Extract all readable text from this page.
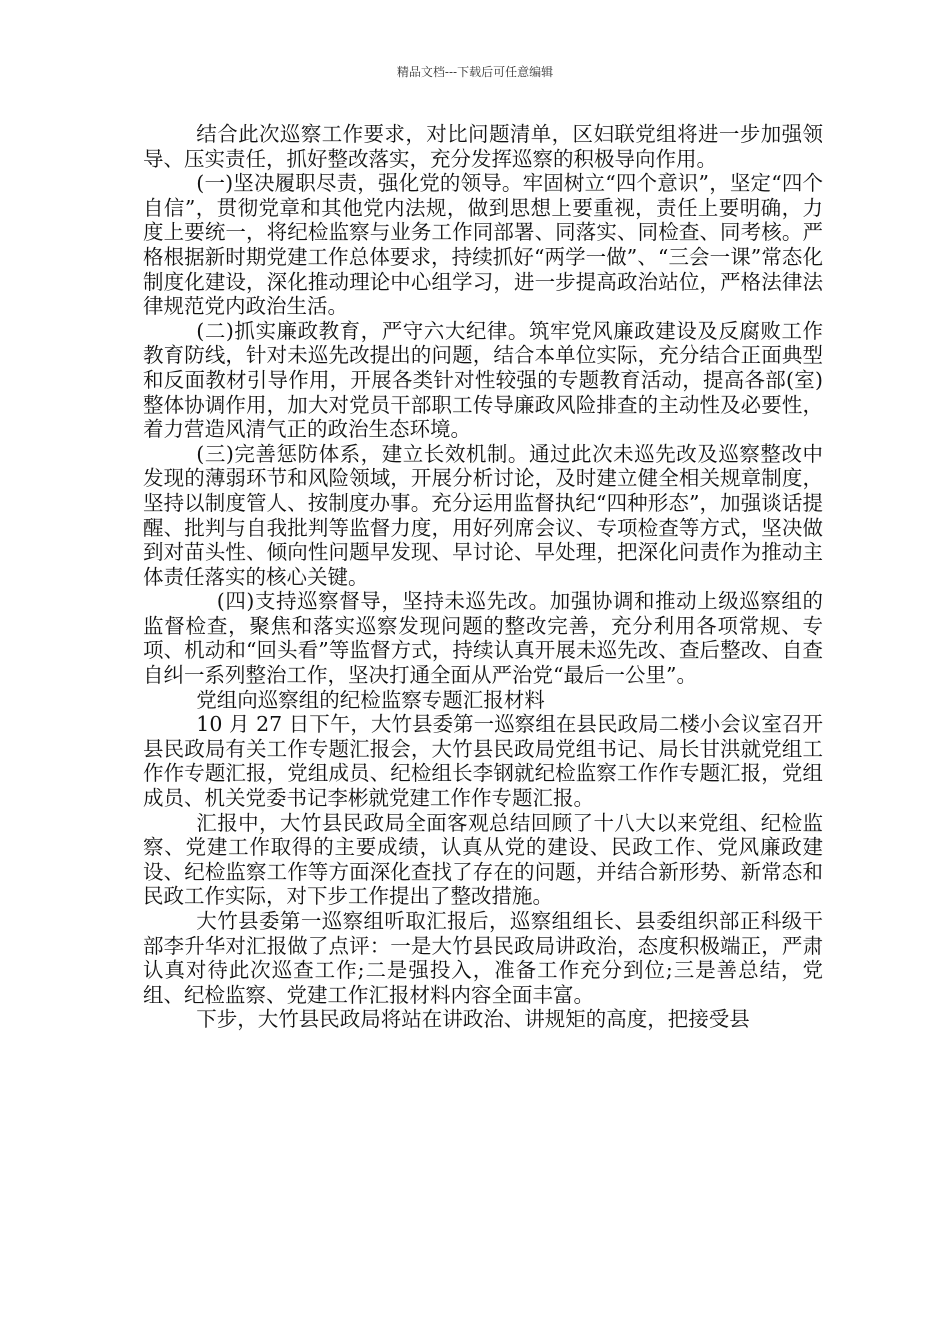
精品文档---下载后可任意编辑

结合此次巡察工作要求，对比问题清单，区妇联党组将进一步加强领导、压实责任，抓好整改落实，充分发挥巡察的积极导向作用。

(一)坚决履职尽责，强化党的领导。牢固树立“四个意识”，坚定“四个自信”，贯彻党章和其他党内法规，做到思想上要重视，责任上要明确，力度上要统一，将纪检监察与业务工作同部署、同落实、同检查、同考核。严格根据新时期党建工作总体要求，持续抓好“两学一做”、“三会一课”常态化制度化建设，深化推动理论中心组学习，进一步提高政治站位，严格法律法律规范党内政治生活。

(二)抓实廉政教育，严守六大纪律。筑牢党风廉政建设及反腐败工作教育防线，针对未巡先改提出的问题，结合本单位实际，充分结合正面典型和反面教材引导作用，开展各类针对性较强的专题教育活动，提高各部(室)整体协调作用，加大对党员干部职工传导廉政风险排查的主动性及必要性，着力营造风清气正的政治生态环境。

(三)完善惩防体系，建立长效机制。通过此次未巡先改及巡察整改中发现的薄弱环节和风险领域，开展分析讨论，及时建立健全相关规章制度，坚持以制度管人、按制度办事。充分运用监督执纪“四种形态”，加强谈话提醒、批判与自我批判等监督力度，用好列席会议、专项检查等方式，坚决做到对苗头性、倾向性问题早发现、早讨论、早处理，把深化问责作为推动主体责任落实的核心关键。

(四)支持巡察督导，坚持未巡先改。加强协调和推动上级巡察组的监督检查，聚焦和落实巡察发现问题的整改完善，充分利用各项常规、专项、机动和“回头看”等监督方式，持续认真开展未巡先改、查后整改、自查自纠一系列整治工作，坚决打通全面从严治党“最后一公里”。

党组向巡察组的纪检监察专题汇报材料

10 月 27 日下午，大竹县委第一巡察组在县民政局二楼小会议室召开县民政局有关工作专题汇报会，大竹县民政局党组书记、局长甘洪就党组工作作专题汇报，党组成员、纪检组长李钢就纪检监察工作作专题汇报，党组成员、机关党委书记李彬就党建工作作专题汇报。

汇报中，大竹县民政局全面客观总结回顾了十八大以来党组、纪检监察、党建工作取得的主要成绩，认真从党的建设、民政工作、党风廉政建设、纪检监察工作等方面深化查找了存在的问题，并结合新形势、新常态和民政工作实际，对下步工作提出了整改措施。

大竹县委第一巡察组听取汇报后，巡察组组长、县委组织部正科级干部李升华对汇报做了点评：一是大竹县民政局讲政治，态度积极端正，严肃认真对待此次巡查工作;二是强投入，准备工作充分到位;三是善总结，党组、纪检监察、党建工作汇报材料内容全面丰富。

下步，大竹县民政局将站在讲政治、讲规矩的高度，把接受县
